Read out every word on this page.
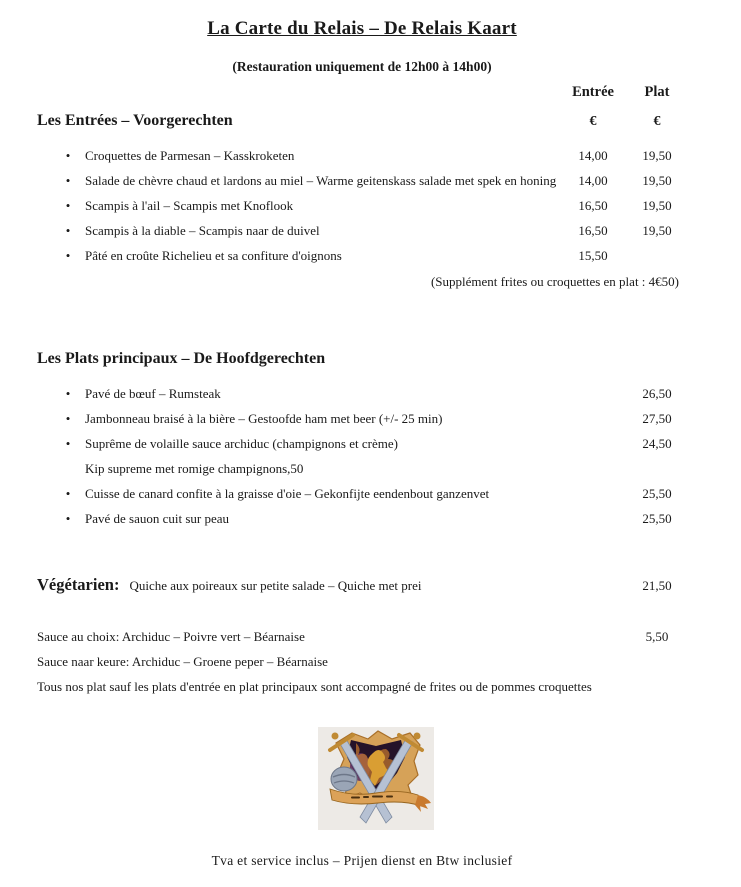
La Carte du Relais – De Relais Kaart
(Restauration uniquement de 12h00 à 14h00)
Entrée	Plat
Les Entrées – Voorgerechten	€	€
• Croquettes de Parmesan – Kasskroketen	14,00	19,50
• Salade de chèvre chaud et lardons au miel – Warme geitenskass salade met spek en honing	14,00	19,50
• Scampis à l'ail – Scampis met Knoflook	16,50	19,50
• Scampis à la diable – Scampis naar de duivel	16,50	19,50
• Pâté en croûte Richelieu et sa confiture d'oignons	15,50
(Supplément frites ou croquettes en plat : 4€50)
Les Plats principaux – De Hoofdgerechten
• Pavé de bœuf – Rumsteak	26,50
• Jambonneau braisé à la bière – Gestoofde ham met beer (+/- 25 min)	27,50
• Suprême de volaille sauce archiduc (champignons et crème)	24,50
Kip supreme met romige champignons,50
• Cuisse de canard confite à la graisse d'oie – Gekonfijte eendenbout ganzenvet	25,50
• Pavé de sauon cuit sur peau	25,50
Végétarien: Quiche aux poireaux sur petite salade – Quiche met prei	21,50
Sauce au choix: Archiduc – Poivre vert – Béarnaise	5,50
Sauce naar keure: Archiduc – Groene peper – Béarnaise
Tous nos plat sauf les plats d'entrée en plat principaux sont accompagné de frites ou de pommes croquettes
Tva et service inclus – Prijen dienst en Btw inclusief
